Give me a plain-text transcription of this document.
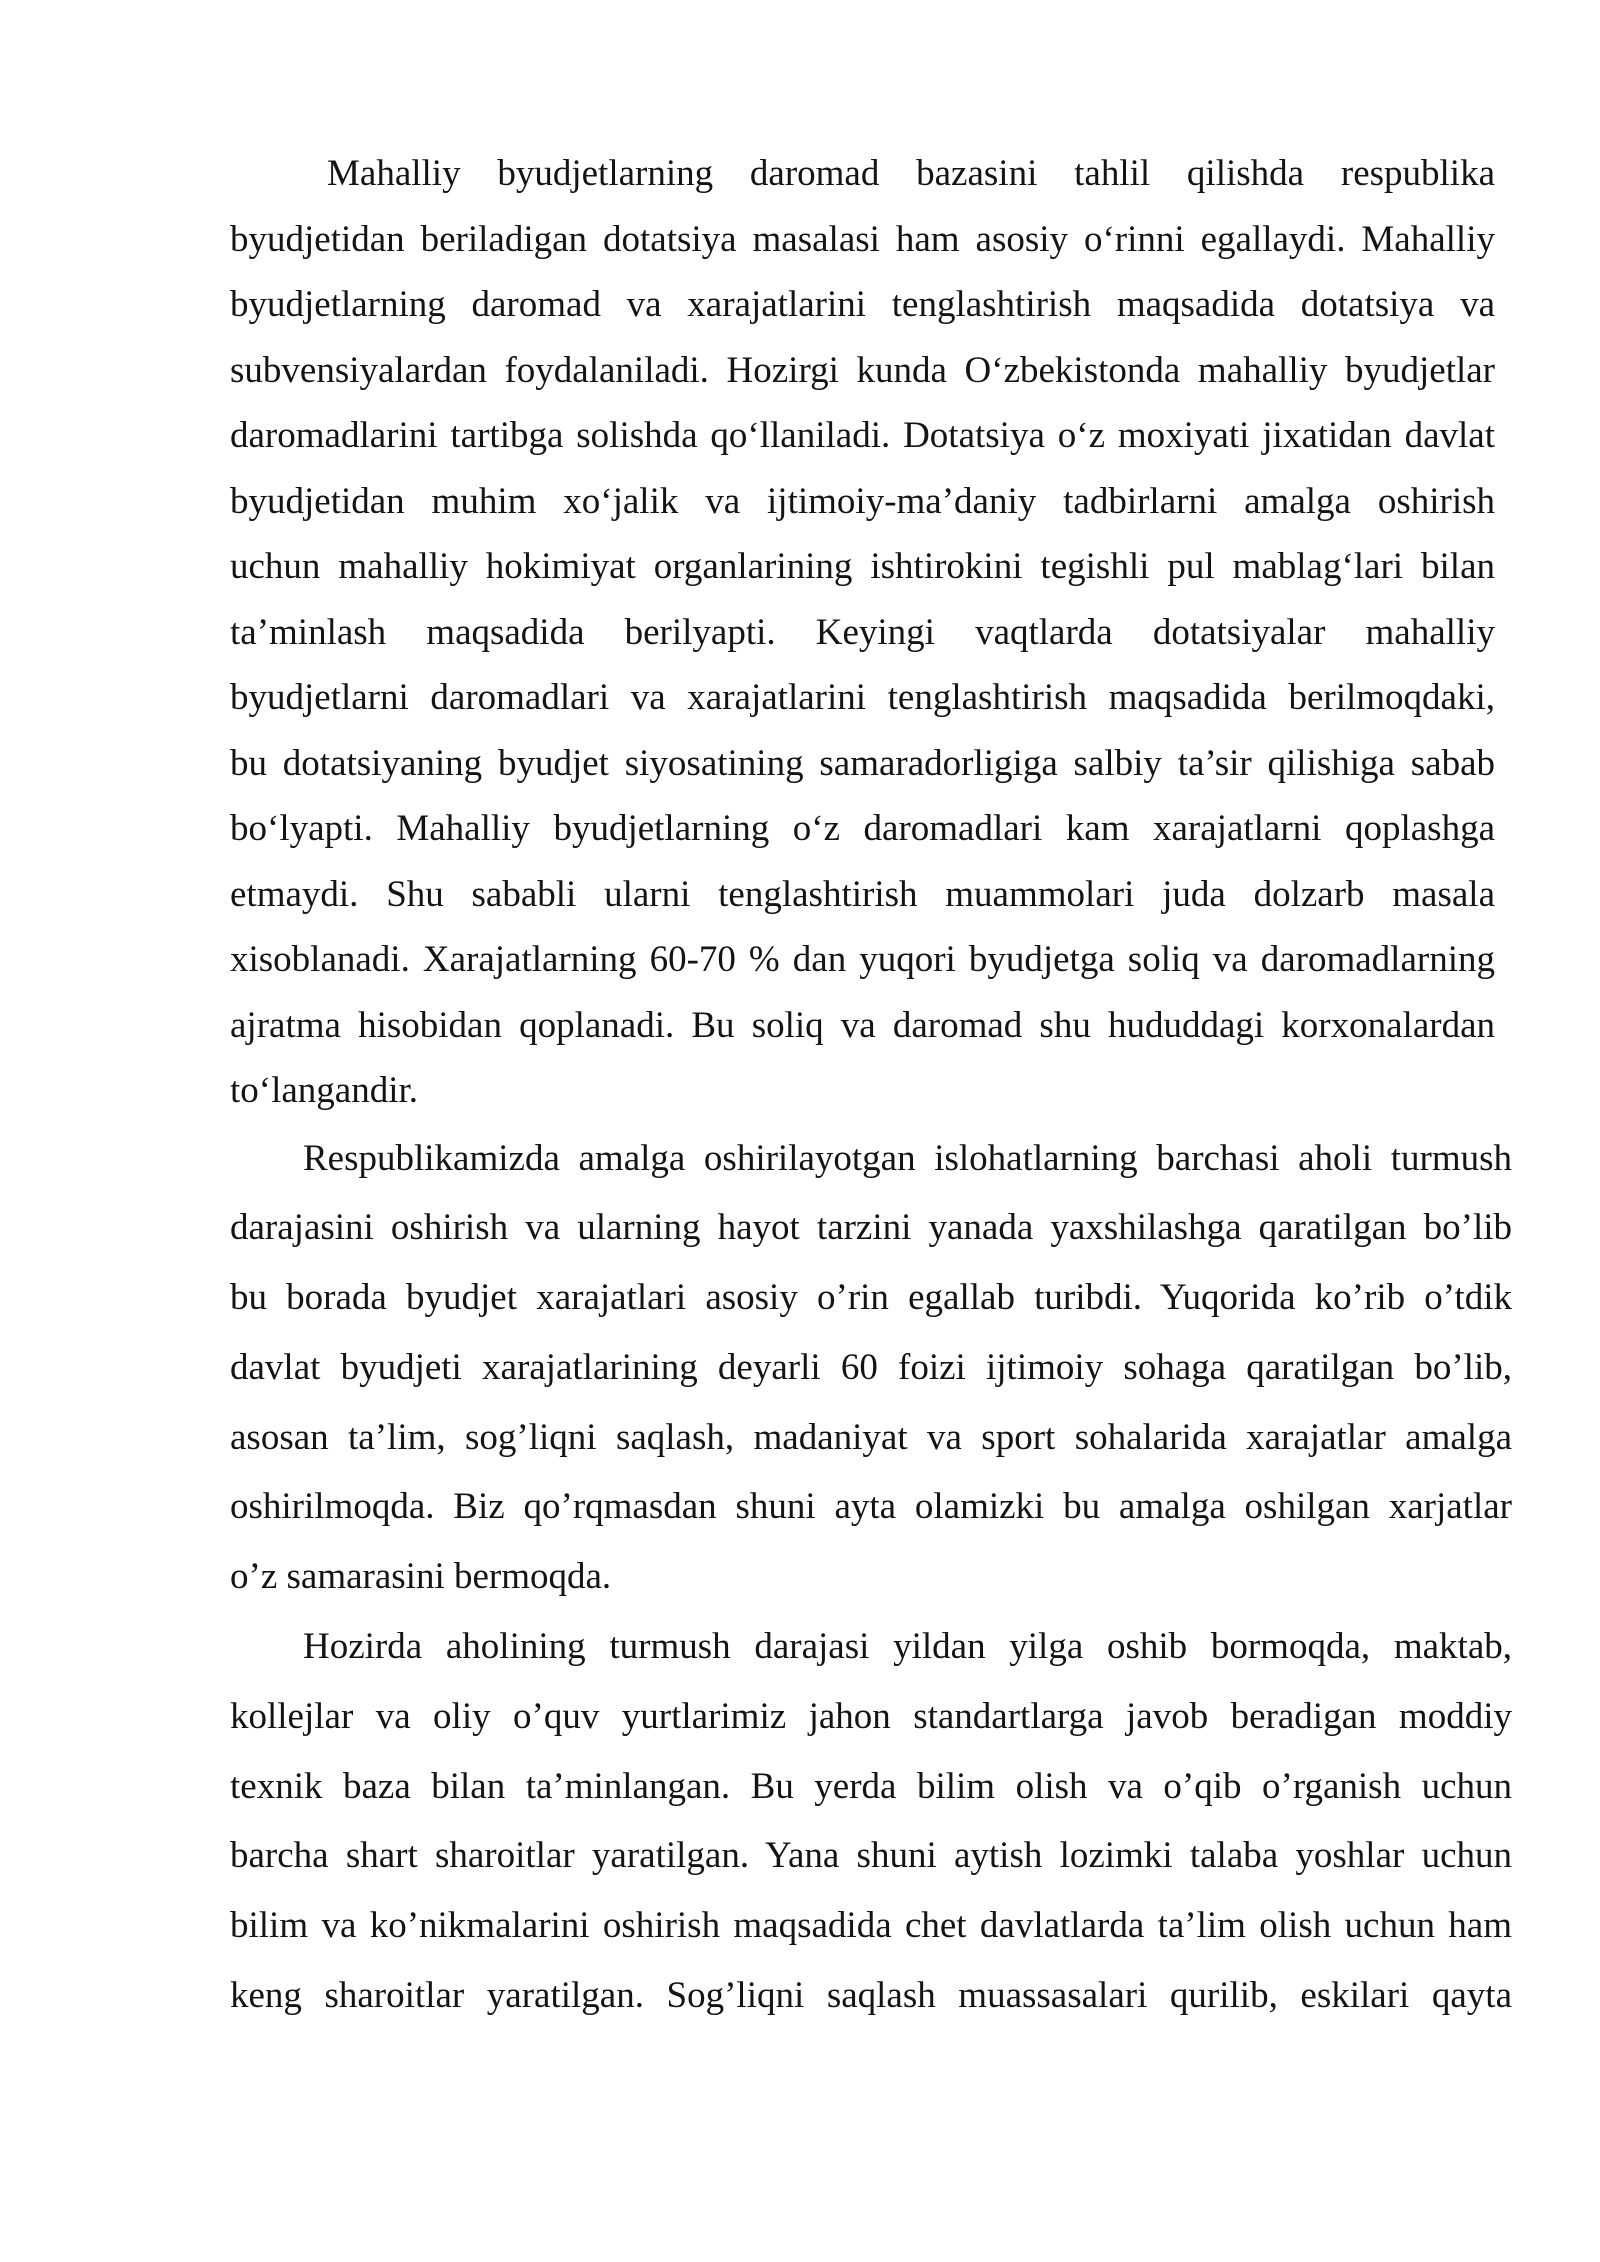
Mahalliy byudjetlarning daromad bazasini tahlil qilishda respublika
byudjetidan beriladigan dotatsiya masalasi ham asosiy o‘rinni egallaydi. Mahalliy
byudjetlarning daromad va xarajatlarini tenglashtirish maqsadida dotatsiya va
subvensiyalardan foydalaniladi. Hozirgi kunda O‘zbekistonda mahalliy byudjetlar
daromadlarini tartibga solishda qo‘llaniladi. Dotatsiya o‘z moxiyati jixatidan davlat
byudjetidan muhim xo‘jalik va ijtimoiy-ma’daniy tadbirlarni amalga oshirish
uchun mahalliy hokimiyat organlarining ishtirokini tegishli pul mablag‘lari bilan
ta’minlash maqsadida berilyapti. Keyingi vaqtlarda dotatsiyalar mahalliy
byudjetlarni daromadlari va xarajatlarini tenglashtirish maqsadida berilmoqdaki,
bu dotatsiyaning byudjet siyosatining samaradorligiga salbiy ta’sir qilishiga sabab
bo‘lyapti. Mahalliy byudjetlarning o‘z daromadlari kam xarajatlarni qoplashga
etmaydi. Shu sababli ularni tenglashtirish muammolari juda dolzarb masala
xisoblanadi. Xarajatlarning 60-70 % dan yuqori byudjetga soliq va daromadlarning
ajratma hisobidan qoplanadi. Bu soliq va daromad shu hududdagi korxonalardan
to‘langandir.
Respublikamizda amalga oshirilayotgan islohatlarning barchasi aholi turmush
darajasini oshirish va ularning hayot tarzini yanada yaxshilashga qaratilgan bo’lib
bu borada byudjet xarajatlari asosiy o’rin egallab turibdi. Yuqorida ko’rib o’tdik
davlat byudjeti xarajatlarining deyarli 60 foizi ijtimoiy sohaga qaratilgan bo’lib,
asosan ta’lim, sog’liqni saqlash, madaniyat va sport sohalarida xarajatlar amalga
oshirilmoqda. Biz qo’rqmasdan shuni ayta olamizki bu amalga oshilgan xarjatlar
o’z samarasini bermoqda.
Hozirda aholining turmush darajasi yildan yilga oshib bormoqda, maktab,
kollejlar va oliy o’quv yurtlarimiz jahon standartlarga javob beradigan moddiy
texnik baza bilan ta’minlangan. Bu yerda bilim olish va o’qib o’rganish uchun
barcha shart sharoitlar yaratilgan. Yana shuni aytish lozimki talaba yoshlar uchun
bilim va ko’nikmalarini oshirish maqsadida chet davlatlarda ta’lim olish uchun ham
keng sharoitlar yaratilgan. Sog’liqni saqlash muassasalari qurilib, eskilari qayta
